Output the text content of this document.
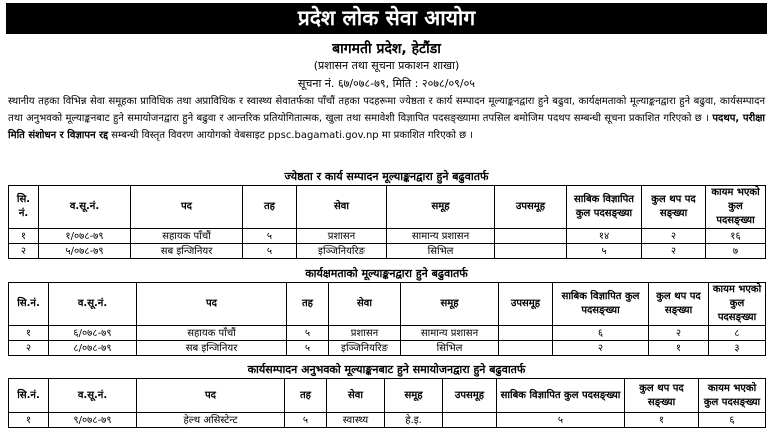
प्रदेश लोक सेवा आयोग
बागमती प्रदेश, हेटौंडा
(प्रशासन तथा सूचना प्रकाशन शाखा)
सूचना नं. ६७/०७८-७९, मिति : २०७८/०९/०५
स्थानीय तहका विभिन्न सेवा समूहका प्राविधिक तथा अप्राविधिक र स्वास्थ्य सेवातर्फका पाँचौं तहका पदहरूमा ज्येष्ठता र कार्य सम्पादन मूल्याङ्कनद्वारा हुने बढुवा, कार्यक्षमताको मूल्याङ्कनद्वारा हुने बढुवा, कार्यसम्पादन तथा अनुभवको मूल्याङ्कनबाट हुने समायोजनद्वारा हुने बढुवा र आन्तरिक प्रतियोगितात्मक, खुला तथा समावेशी विज्ञापित पदसङ्ख्यामा तपसिल बमोजिम पदथप सम्बन्धी सूचना प्रकाशित गरिएको छ । पदथप, परीक्षा मिति संशोधन र विज्ञापन रद्द सम्बन्धी विस्तृत विवरण आयोगको वेबसाइट ppsc.bagamati.gov.np मा प्रकाशित गरिएको छ ।
ज्येष्ठता र कार्य सम्पादन मूल्याङ्कनद्वारा हुने बढुवातर्फ
सि. नं.	व.सू.नं.	पद	तह	सेवा	समूह	उपसमूह	साबिक विज्ञापित कुल पदसङ्ख्या	कुल थप पद सङ्ख्या	कायम भएको कुल पदसङ्ख्या
१	१/०७८-७९	सहायक पाँचौं	५	प्रशासन	सामान्य प्रशासन		१४	२	१६
२	५/०७८-७९	सब इन्जिनियर	५	इञ्जिनियरिङ	सिभिल		५	२	७
कार्यक्षमताको मूल्याङ्कनद्वारा हुने बढुवातर्फ
सि.नं.	व.सू.नं.	पद	तह	सेवा	समूह	उपसमूह	साबिक विज्ञापित कुल पदसङ्ख्या	कुल थप पद सङ्ख्या	कायम भएको कुल पदसङ्ख्या
१	६/०७८-७९	सहायक पाँचौं	५	प्रशासन	सामान्य प्रशासन		६	२	८
२	८/०७८-७९	सब इन्जिनियर	५	इञ्जिनियरिङ	सिभिल		२	१	३
कार्यसम्पादन अनुभवको मूल्याङ्कनबाट हुने समायोजनद्वारा हुने बढुवातर्फ
सि.नं.	व.सू.नं.	पद	तह	सेवा	समूह	उपसमूह	साबिक विज्ञापित कुल पदसङ्ख्या	कुल थप पद सङ्ख्या	कायम भएको कुल पदसङ्ख्या
१	९/०७८-७९	हेल्थ असिस्टेन्ट	५	स्वास्थ्य	हे.इ.		५	१	६
